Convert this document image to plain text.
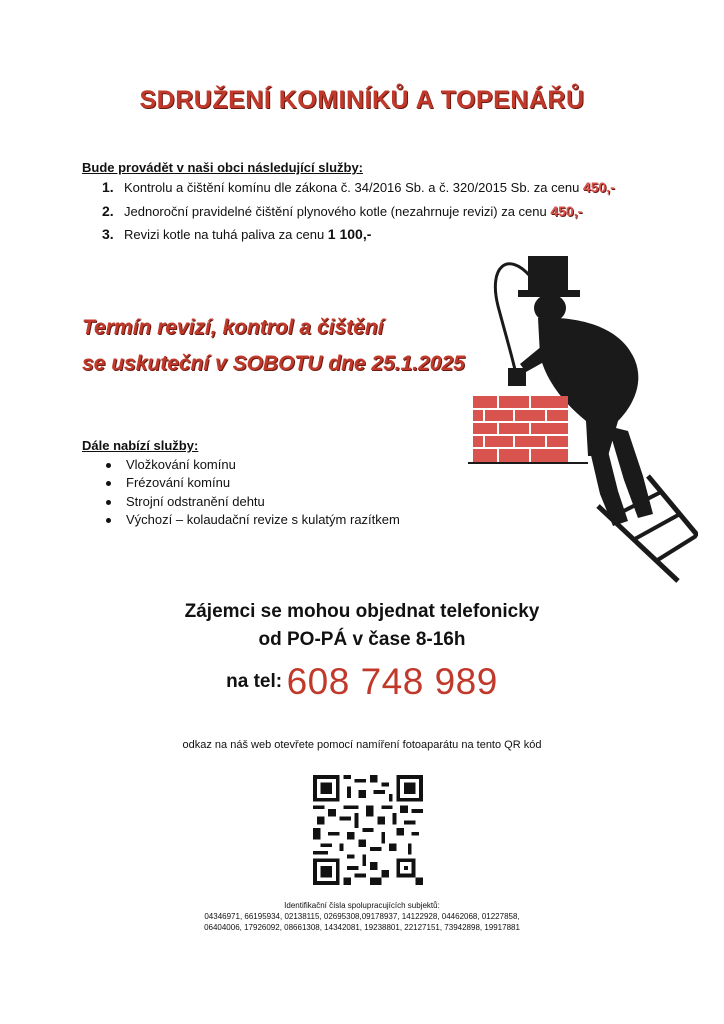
SDRUŽENÍ KOMINÍKŮ A TOPENÁŘŮ
Bude provádět v naši obci následující služby:
1. Kontrolu a čištění komínu dle zákona č. 34/2016 Sb. a č. 320/2015 Sb. za cenu 450,-
2. Jednoroční pravidelné čištění plynového kotle (nezahrnuje revizi) za cenu 450,-
3. Revizi kotle na tuhá paliva za cenu 1 100,-
Termín revizí, kontrol a čištění
se uskuteční v SOBOTU dne 25.1.2025
Dále nabízí služby:
Vložkování komínu
Frézování komínu
Strojní odstranění dehtu
Výchozí – kolaudační revize s kulatým razítkem
Zájemci se mohou objednat telefonicky
od PO-PÁ v čase 8-16h
na tel: 608 748 989
odkaz na náš web otevřete pomocí namíření fotoaparátu na tento QR kód
Identifikační čísla spolupracujících subjektů:
04346971, 66195934, 02138115, 02695308,09178937, 14122928, 04462068, 01227858,
06404006, 17926092, 08661308, 14342081, 19238801, 22127151, 73942898, 19917881
